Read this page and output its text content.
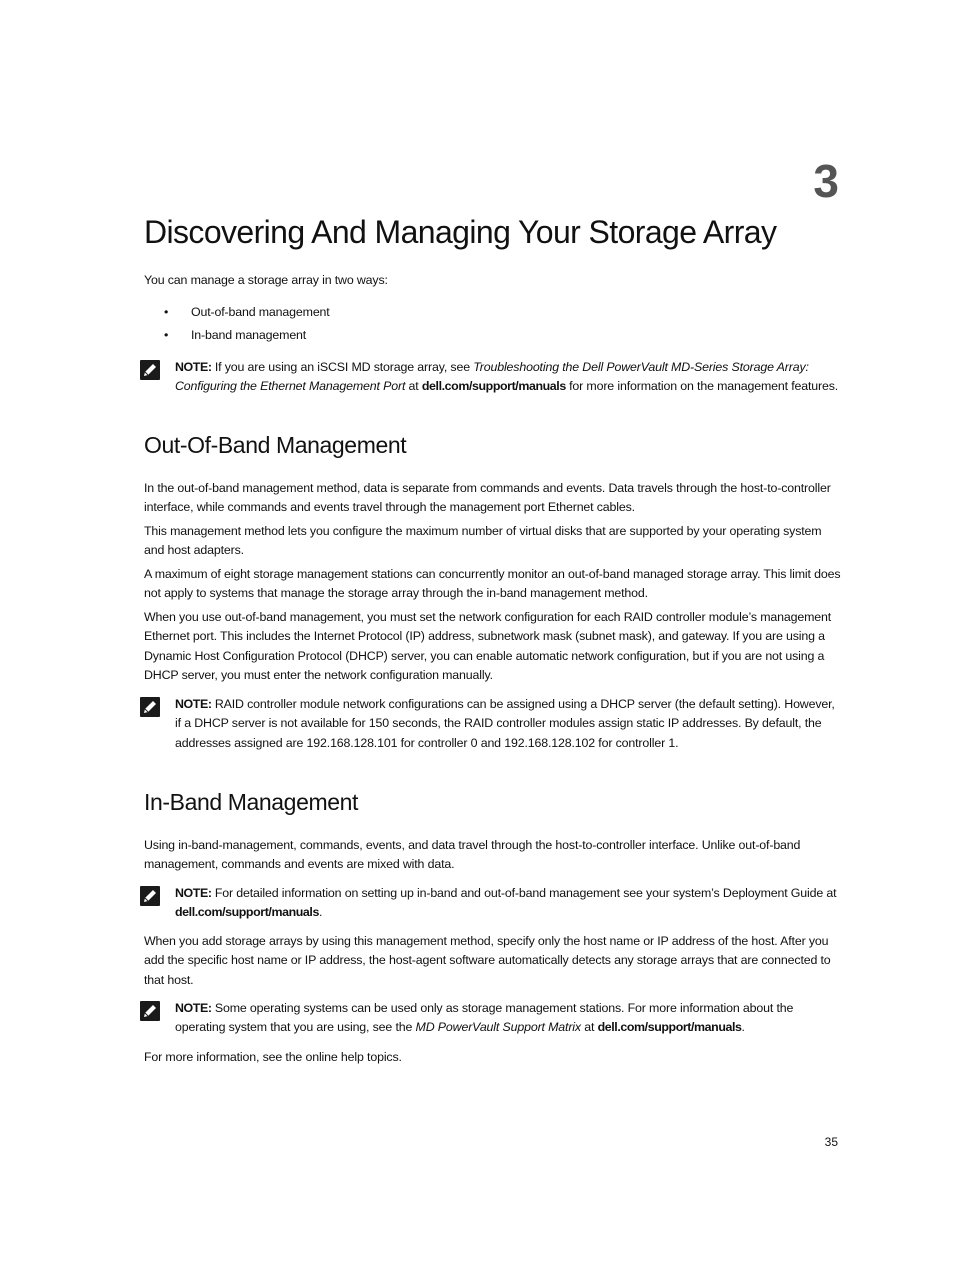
3
Discovering And Managing Your Storage Array

You can manage a storage array in two ways:

• Out-of-band management
• In-band management

NOTE: If you are using an iSCSI MD storage array, see Troubleshooting the Dell PowerVault MD-Series Storage Array: Configuring the Ethernet Management Port at dell.com/support/manuals for more information on the management features.

Out-Of-Band Management

In the out-of-band management method, data is separate from commands and events. Data travels through the host-to-controller interface, while commands and events travel through the management port Ethernet cables.

This management method lets you configure the maximum number of virtual disks that are supported by your operating system and host adapters.

A maximum of eight storage management stations can concurrently monitor an out-of-band managed storage array. This limit does not apply to systems that manage the storage array through the in-band management method.

When you use out-of-band management, you must set the network configuration for each RAID controller module’s management Ethernet port. This includes the Internet Protocol (IP) address, subnetwork mask (subnet mask), and gateway. If you are using a Dynamic Host Configuration Protocol (DHCP) server, you can enable automatic network configuration, but if you are not using a DHCP server, you must enter the network configuration manually.

NOTE: RAID controller module network configurations can be assigned using a DHCP server (the default setting). However, if a DHCP server is not available for 150 seconds, the RAID controller modules assign static IP addresses. By default, the addresses assigned are 192.168.128.101 for controller 0 and 192.168.128.102 for controller 1.

In-Band Management

Using in-band-management, commands, events, and data travel through the host-to-controller interface. Unlike out-of-band management, commands and events are mixed with data.

NOTE: For detailed information on setting up in-band and out-of-band management see your system’s Deployment Guide at dell.com/support/manuals.

When you add storage arrays by using this management method, specify only the host name or IP address of the host. After you add the specific host name or IP address, the host-agent software automatically detects any storage arrays that are connected to that host.

NOTE: Some operating systems can be used only as storage management stations. For more information about the operating system that you are using, see the MD PowerVault Support Matrix at dell.com/support/manuals.

For more information, see the online help topics.

35
